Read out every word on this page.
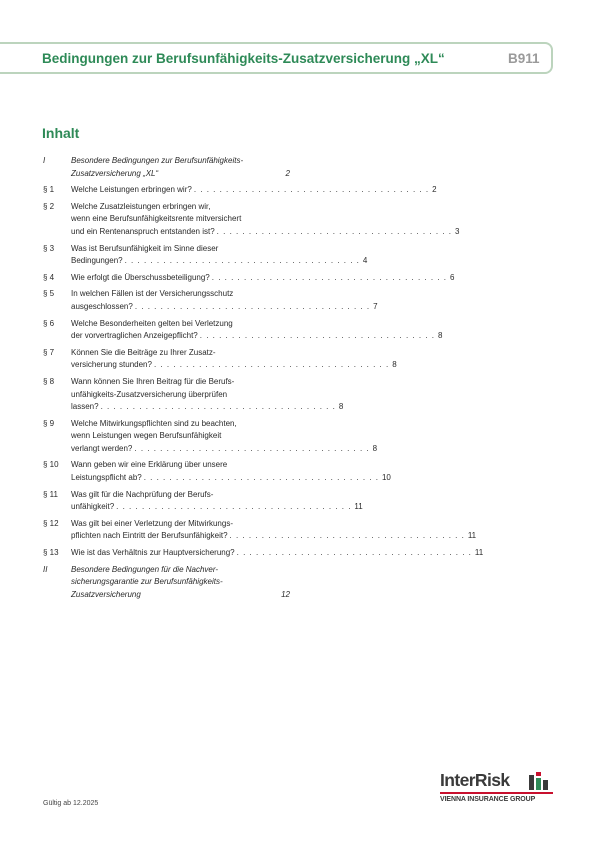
Bedingungen zur Berufsunfähigkeits-Zusatzversicherung „XL“	B911
Inhalt
I	Besondere Bedingungen zur Berufsunfähigkeits-
Zusatzversicherung „XL“	2
§ 1 Welche Leistungen erbringen wir? . . . . . . . . . . . . . . . . . . . . . . . . . . . . . . . . . . . . . 2
§ 2 Welche Zusatzleistungen erbringen wir,
wenn eine Berufsunfähigkeitsrente mitversichert
und ein Rentenanspruch entstanden ist? . . . . . . . . . . . . . . . . . . . . . . . . . . . . . . . . . . . . . 3
§ 3 Was ist Berufsunfähigkeit im Sinne dieser
Bedingungen? . . . . . . . . . . . . . . . . . . . . . . . . . . . . . . . . . . . . . 4
§ 4 Wie erfolgt die Überschussbeteiligung? . . . . . . . . . . . . . . . . . . . . . . . . . . . . . . . . . . . . . 6
§ 5 In welchen Fällen ist der Versicherungsschutz
ausgeschlossen? . . . . . . . . . . . . . . . . . . . . . . . . . . . . . . . . . . . . . 7
§ 6 Welche Besonderheiten gelten bei Verletzung
der vorvertraglichen Anzeigepflicht? . . . . . . . . . . . . . . . . . . . . . . . . . . . . . . . . . . . . . 8
§ 7 Können Sie die Beiträge zu Ihrer Zusatz-
versicherung stunden? . . . . . . . . . . . . . . . . . . . . . . . . . . . . . . . . . . . . . 8
§ 8 Wann können Sie Ihren Beitrag für die Berufs-
unfähigkeits-Zusatzversicherung überprüfen
lassen? . . . . . . . . . . . . . . . . . . . . . . . . . . . . . . . . . . . . . 8
§ 9 Welche Mitwirkungspflichten sind zu beachten,
wenn Leistungen wegen Berufsunfähigkeit
verlangt werden? . . . . . . . . . . . . . . . . . . . . . . . . . . . . . . . . . . . . . 8
§ 10 Wann geben wir eine Erklärung über unsere
Leistungspflicht ab? . . . . . . . . . . . . . . . . . . . . . . . . . . . . . . . . . . . . . 10
§ 11 Was gilt für die Nachprüfung der Berufs-
unfähigkeit? . . . . . . . . . . . . . . . . . . . . . . . . . . . . . . . . . . . . . 11
§ 12 Was gilt bei einer Verletzung der Mitwirkungs-
pflichten nach Eintritt der Berufsunfähigkeit? . . . . . . . . . . . . . . . . . . . . . . . . . . . . . . . . . . . . . 11
§ 13 Wie ist das Verhältnis zur Hauptversicherung? . . . . . . . . . . . . . . . . . . . . . . . . . . . . . . . . . . . . . 11
II	Besondere Bedingungen für die Nachver-
sicherungsgarantie zur Berufsunfähigkeits-
Zusatzversicherung	12
Gültig ab 12.2025
InterRisk
VIENNA INSURANCE GROUP
